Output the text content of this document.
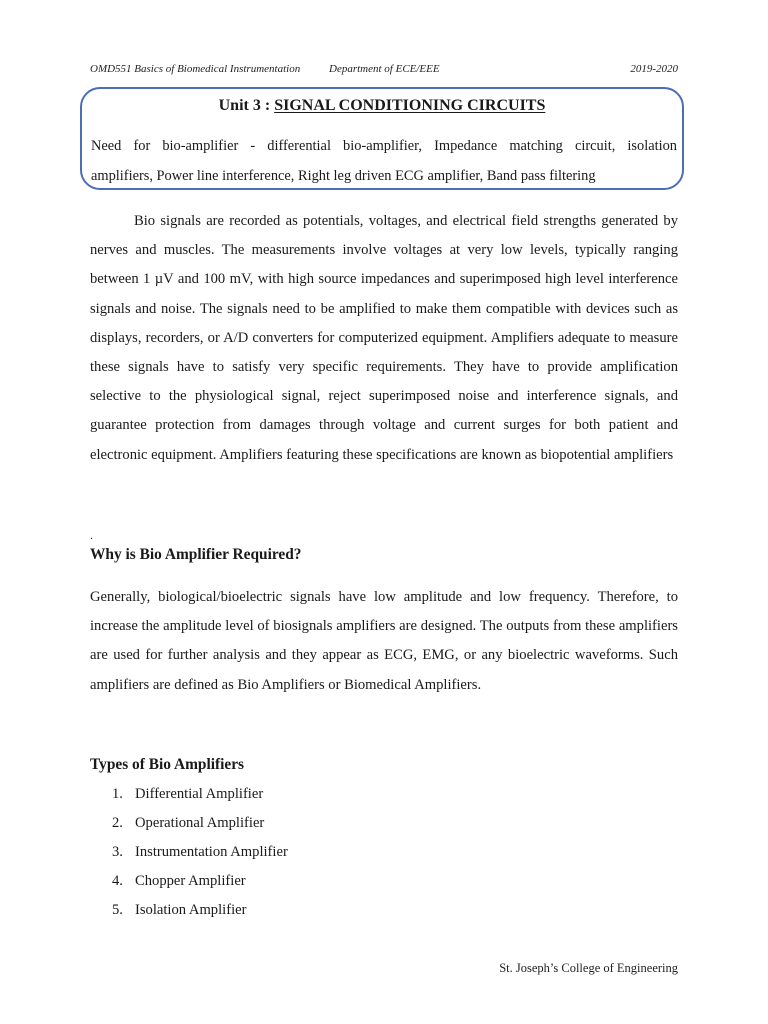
OMD551 Basics of Biomedical Instrumentation	Department of ECE/EEE	2019-2020
Unit 3 : SIGNAL CONDITIONING CIRCUITS
Need for bio-amplifier - differential bio-amplifier, Impedance matching circuit, isolation
amplifiers, Power line interference, Right leg driven ECG amplifier, Band pass filtering
Bio signals are recorded as potentials, voltages, and electrical field strengths generated by nerves and muscles. The measurements involve voltages at very low levels, typically ranging between 1 µV and 100 mV, with high source impedances and superimposed high level interference signals and noise. The signals need to be amplified to make them compatible with devices such as displays, recorders, or A/D converters for computerized equipment. Amplifiers adequate to measure these signals have to satisfy very specific requirements. They have to provide amplification selective to the physiological signal, reject superimposed noise and interference signals, and guarantee protection from damages through voltage and current surges for both patient and electronic equipment. Amplifiers featuring these specifications are known as biopotential amplifiers
.
Why is Bio Amplifier Required?
Generally, biological/bioelectric signals have low amplitude and low frequency. Therefore, to increase the amplitude level of biosignals amplifiers are designed. The outputs from these amplifiers are used for further analysis and they appear as ECG, EMG, or any bioelectric waveforms. Such amplifiers are defined as Bio Amplifiers or Biomedical Amplifiers.
Types of Bio Amplifiers
1. Differential Amplifier
2. Operational Amplifier
3. Instrumentation Amplifier
4. Chopper Amplifier
5. Isolation Amplifier
St. Joseph’s College of Engineering
